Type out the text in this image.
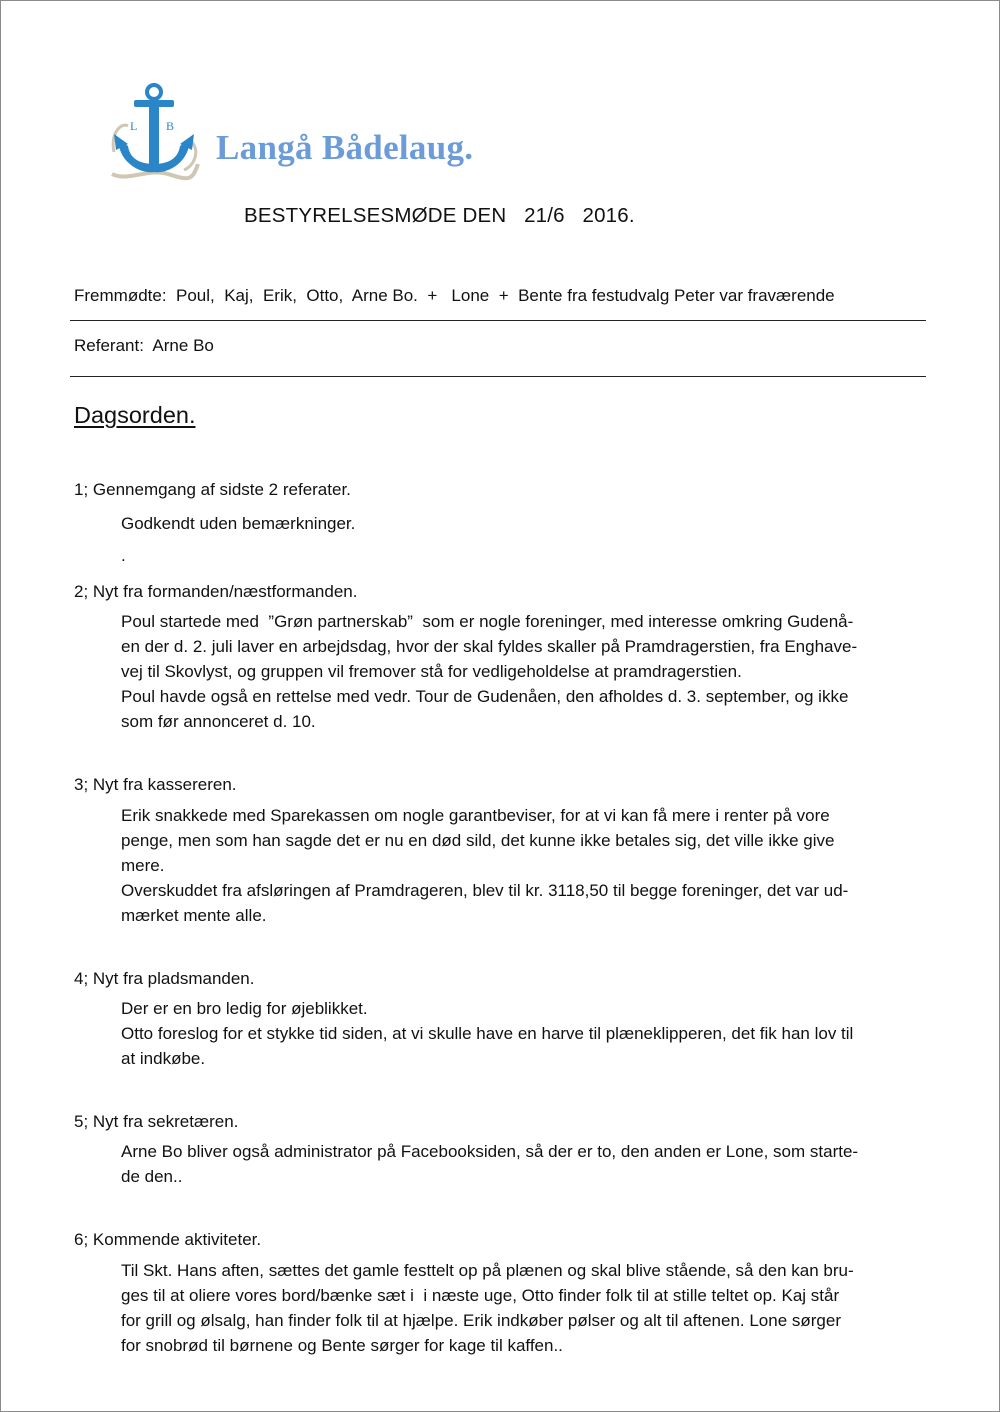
L B
Langå Bådelaug.
BESTYRELSESMØDE DEN   21/6   2016.
Fremmødte:  Poul,  Kaj,  Erik,  Otto,  Arne Bo.  +   Lone  +  Bente fra festudvalg Peter var fraværende
Referant:  Arne Bo
Dagsorden.
1; Gennemgang af sidste 2 referater.
Godkendt uden bemærkninger.
.
2; Nyt fra formanden/næstformanden.
Poul startede med  ”Grøn partnerskab”  som er nogle foreninger, med interesse omkring Gudenå-
en der d. 2. juli laver en arbejdsdag, hvor der skal fyldes skaller på Pramdragerstien, fra Enghave-
vej til Skovlyst, og gruppen vil fremover stå for vedligeholdelse at pramdragerstien.
Poul havde også en rettelse med vedr. Tour de Gudenåen, den afholdes d. 3. september, og ikke
som før annonceret d. 10.
3; Nyt fra kassereren.
Erik snakkede med Sparekassen om nogle garantbeviser, for at vi kan få mere i renter på vore
penge, men som han sagde det er nu en død sild, det kunne ikke betales sig, det ville ikke give
mere.
Overskuddet fra afsløringen af Pramdrageren, blev til kr. 3118,50 til begge foreninger, det var ud-
mærket mente alle.
4; Nyt fra pladsmanden.
Der er en bro ledig for øjeblikket.
Otto foreslog for et stykke tid siden, at vi skulle have en harve til plæneklipperen, det fik han lov til
at indkøbe.
5; Nyt fra sekretæren.
Arne Bo bliver også administrator på Facebooksiden, så der er to, den anden er Lone, som starte-
de den..
6; Kommende aktiviteter.
Til Skt. Hans aften, sættes det gamle festtelt op på plænen og skal blive stående, så den kan bru-
ges til at oliere vores bord/bænke sæt i  i næste uge, Otto finder folk til at stille teltet op. Kaj står
for grill og ølsalg, han finder folk til at hjælpe. Erik indkøber pølser og alt til aftenen. Lone sørger
for snobrød til børnene og Bente sørger for kage til kaffen..
